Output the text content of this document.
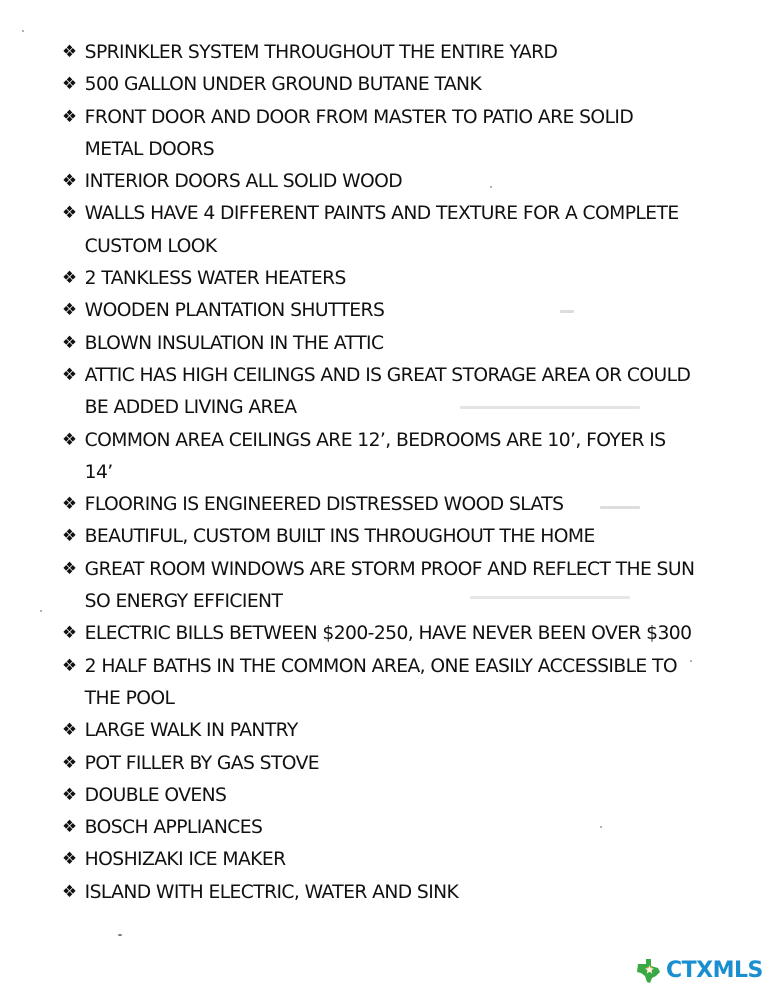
❖ SPRINKLER SYSTEM THROUGHOUT THE ENTIRE YARD
❖ 500 GALLON UNDER GROUND BUTANE TANK
❖ FRONT DOOR AND DOOR FROM MASTER TO PATIO ARE SOLID METAL DOORS
❖ INTERIOR DOORS ALL SOLID WOOD
❖ WALLS HAVE 4 DIFFERENT PAINTS AND TEXTURE FOR A COMPLETE CUSTOM LOOK
❖ 2 TANKLESS WATER HEATERS
❖ WOODEN PLANTATION SHUTTERS
❖ BLOWN INSULATION IN THE ATTIC
❖ ATTIC HAS HIGH CEILINGS AND IS GREAT STORAGE AREA OR COULD BE ADDED LIVING AREA
❖ COMMON AREA CEILINGS ARE 12’, BEDROOMS ARE 10’, FOYER IS 14’
❖ FLOORING IS ENGINEERED DISTRESSED WOOD SLATS
❖ BEAUTIFUL, CUSTOM BUILT INS THROUGHOUT THE HOME
❖ GREAT ROOM WINDOWS ARE STORM PROOF AND REFLECT THE SUN SO ENERGY EFFICIENT
❖ ELECTRIC BILLS BETWEEN $200-250, HAVE NEVER BEEN OVER $300
❖ 2 HALF BATHS IN THE COMMON AREA, ONE EASILY ACCESSIBLE TO THE POOL
❖ LARGE WALK IN PANTRY
❖ POT FILLER BY GAS STOVE
❖ DOUBLE OVENS
❖ BOSCH APPLIANCES
❖ HOSHIZAKI ICE MAKER
❖ ISLAND WITH ELECTRIC, WATER AND SINK
CTX MLS
